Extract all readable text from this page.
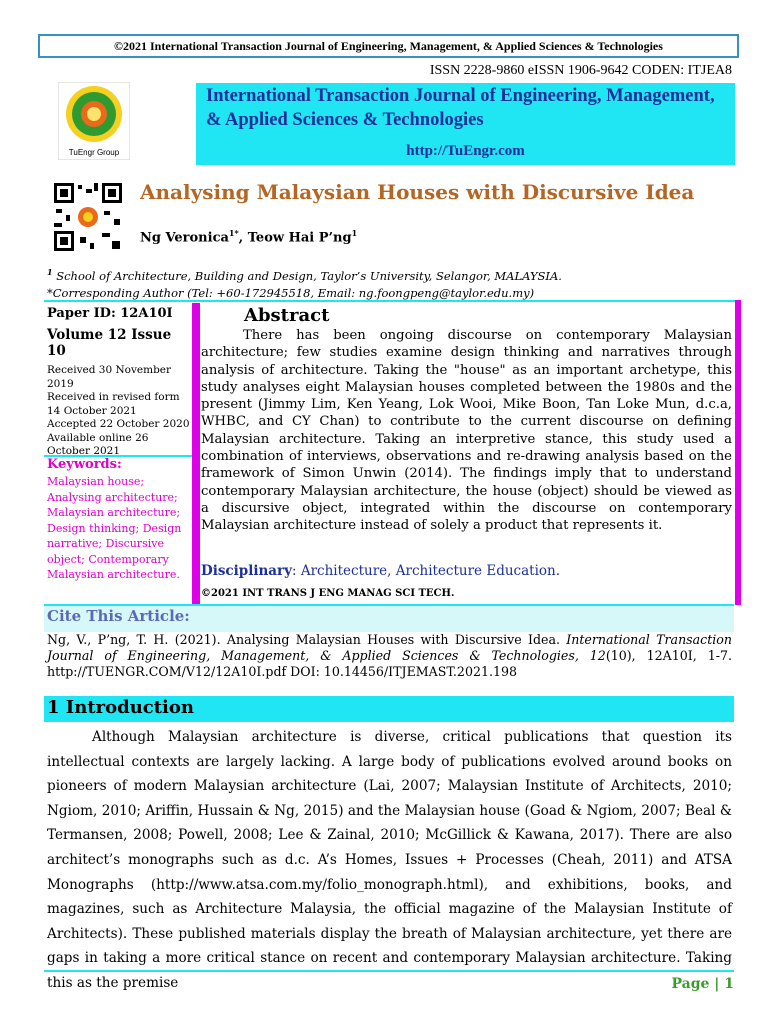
©2021 International Transaction Journal of Engineering, Management, & Applied Sciences & Technologies
ISSN 2228-9860 eISSN 1906-9642 CODEN: ITJEA8
TuEngr Group
International Transaction Journal of Engineering, Management, & Applied Sciences & Technologies
http://TuEngr.com
Analysing Malaysian Houses with Discursive Idea
Ng Veronica$^{1*}$, Teow Hai $P’ng^1$
$^1$ School of Architecture, Building and Design, Taylor’s University, Selangor, MALAYSIA.
*Corresponding Author (Tel: +60-172945518, Email: ng.foongpeng@taylor.edu.my)
Paper ID: 12A10I
Volume 12 Issue 10
Received 30 November 2019
Received in revised form 14 October 2021
Accepted 22 October 2020
Available online 26 October 2021
Keywords:
Malaysian house; Analysing architecture; Malaysian architecture; Design thinking; Design narrative; Discursive object; Contemporary Malaysian architecture.
Abstract
There has been ongoing discourse on contemporary Malaysian architecture; few studies examine design thinking and narratives through analysis of architecture. Taking the "house" as an important archetype, this study analyses eight Malaysian houses completed between the 1980s and the present (Jimmy Lim, Ken Yeang, Lok Wooi, Mike Boon, Tan Loke Mun, d.c.a, WHBC, and CY Chan) to contribute to the current discourse on defining Malaysian architecture. Taking an interpretive stance, this study used a combination of interviews, observations and re-drawing analysis based on the framework of Simon Unwin (2014). The findings imply that to understand contemporary Malaysian architecture, the house (object) should be viewed as a discursive object, integrated within the discourse on contemporary Malaysian architecture instead of solely a product that represents it.
Disciplinary: Architecture, Architecture Education.
©2021 INT TRANS J ENG MANAG SCI TECH.
Cite This Article:
Ng, V., P’ng, T. H. (2021). Analysing Malaysian Houses with Discursive Idea. International Transaction Journal of Engineering, Management, & Applied Sciences & Technologies, 12(10), 12A10I, 1-7. http://TUENGR.COM/V12/12A10I.pdf DOI: 10.14456/ITJEMAST.2021.198
1 Introduction
Although Malaysian architecture is diverse, critical publications that question its intellectual contexts are largely lacking. A large body of publications evolved around books on pioneers of modern Malaysian architecture (Lai, 2007; Malaysian Institute of Architects, 2010; Ngiom, 2010; Ariffin, Hussain & Ng, 2015) and the Malaysian house (Goad & Ngiom, 2007; Beal & Termansen, 2008; Powell, 2008; Lee & Zainal, 2010; McGillick & Kawana, 2017). There are also architect’s monographs such as d.c. A’s Homes, Issues + Processes (Cheah, 2011) and ATSA Monographs (http://www.atsa.com.my/folio_monograph.html), and exhibitions, books, and magazines, such as Architecture Malaysia, the official magazine of the Malaysian Institute of Architects). These published materials display the breath of Malaysian architecture, yet there are gaps in taking a more critical stance on recent and contemporary Malaysian architecture. Taking this as the premise	Page | 1
